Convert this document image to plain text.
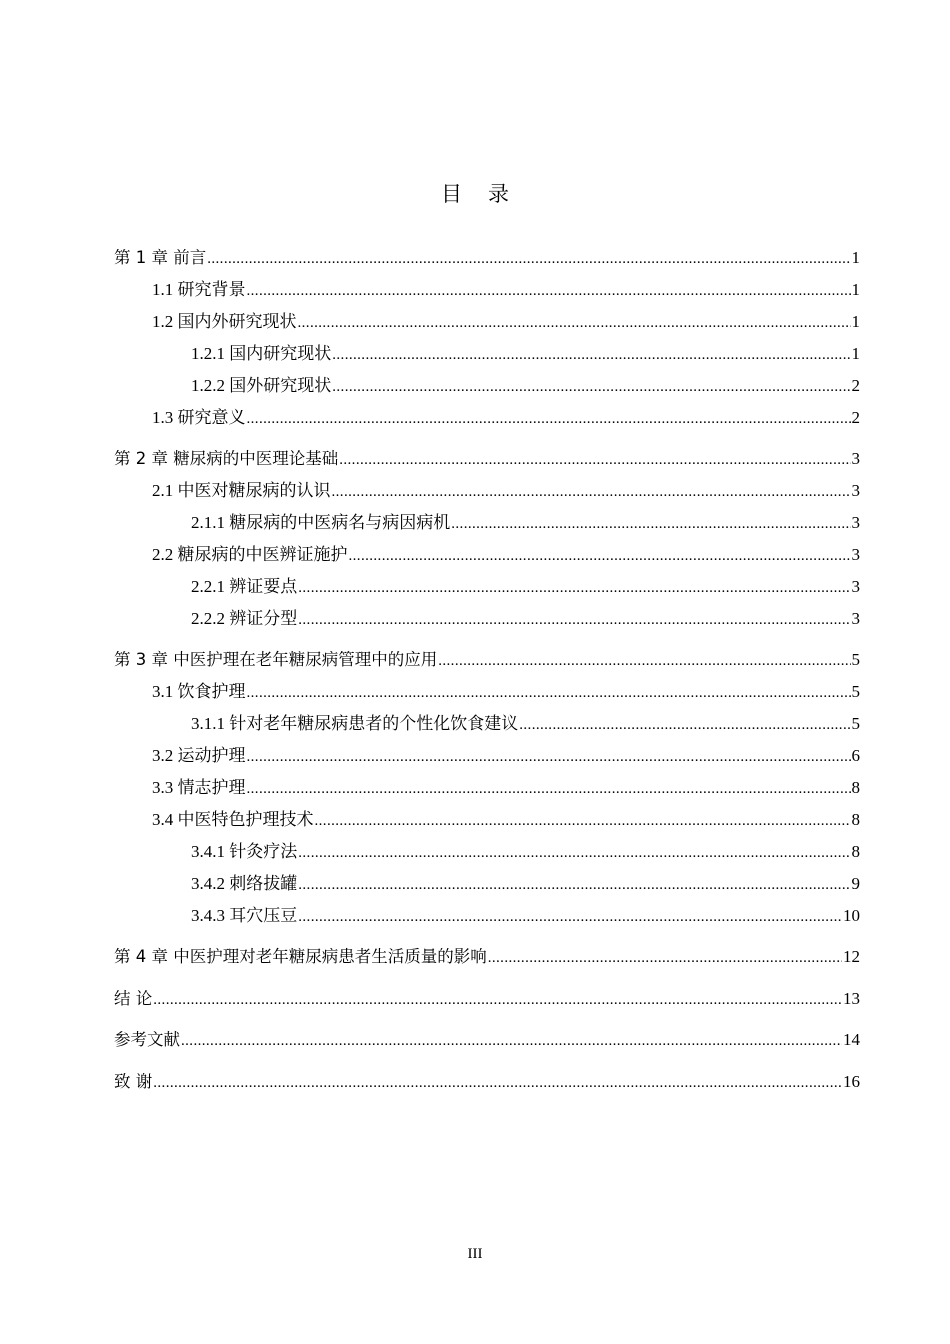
目 录
第 1 章 前言 .....	1
1.1 研究背景 .....	1
1.2 国内外研究现状 .....	1
1.2.1 国内研究现状 .....	1
1.2.2 国外研究现状 .....	2
1.3 研究意义 .....	2
第 2 章 糖尿病的中医理论基础 .....	3
2.1 中医对糖尿病的认识 .....	3
2.1.1 糖尿病的中医病名与病因病机 .....	3
2.2 糖尿病的中医辨证施护 .....	3
2.2.1 辨证要点 .....	3
2.2.2 辨证分型 .....	3
第 3 章 中医护理在老年糖尿病管理中的应用 .....	5
3.1 饮食护理 .....	5
3.1.1 针对老年糖尿病患者的个性化饮食建议 .....	5
3.2 运动护理 .....	6
3.3 情志护理 .....	8
3.4 中医特色护理技术 .....	8
3.4.1 针灸疗法 .....	8
3.4.2 刺络拔罐 .....	9
3.4.3 耳穴压豆 .....	10
第 4 章 中医护理对老年糖尿病患者生活质量的影响 .....	12
结 论 .....	13
参考文献 .....	14
致 谢 .....	16
III
